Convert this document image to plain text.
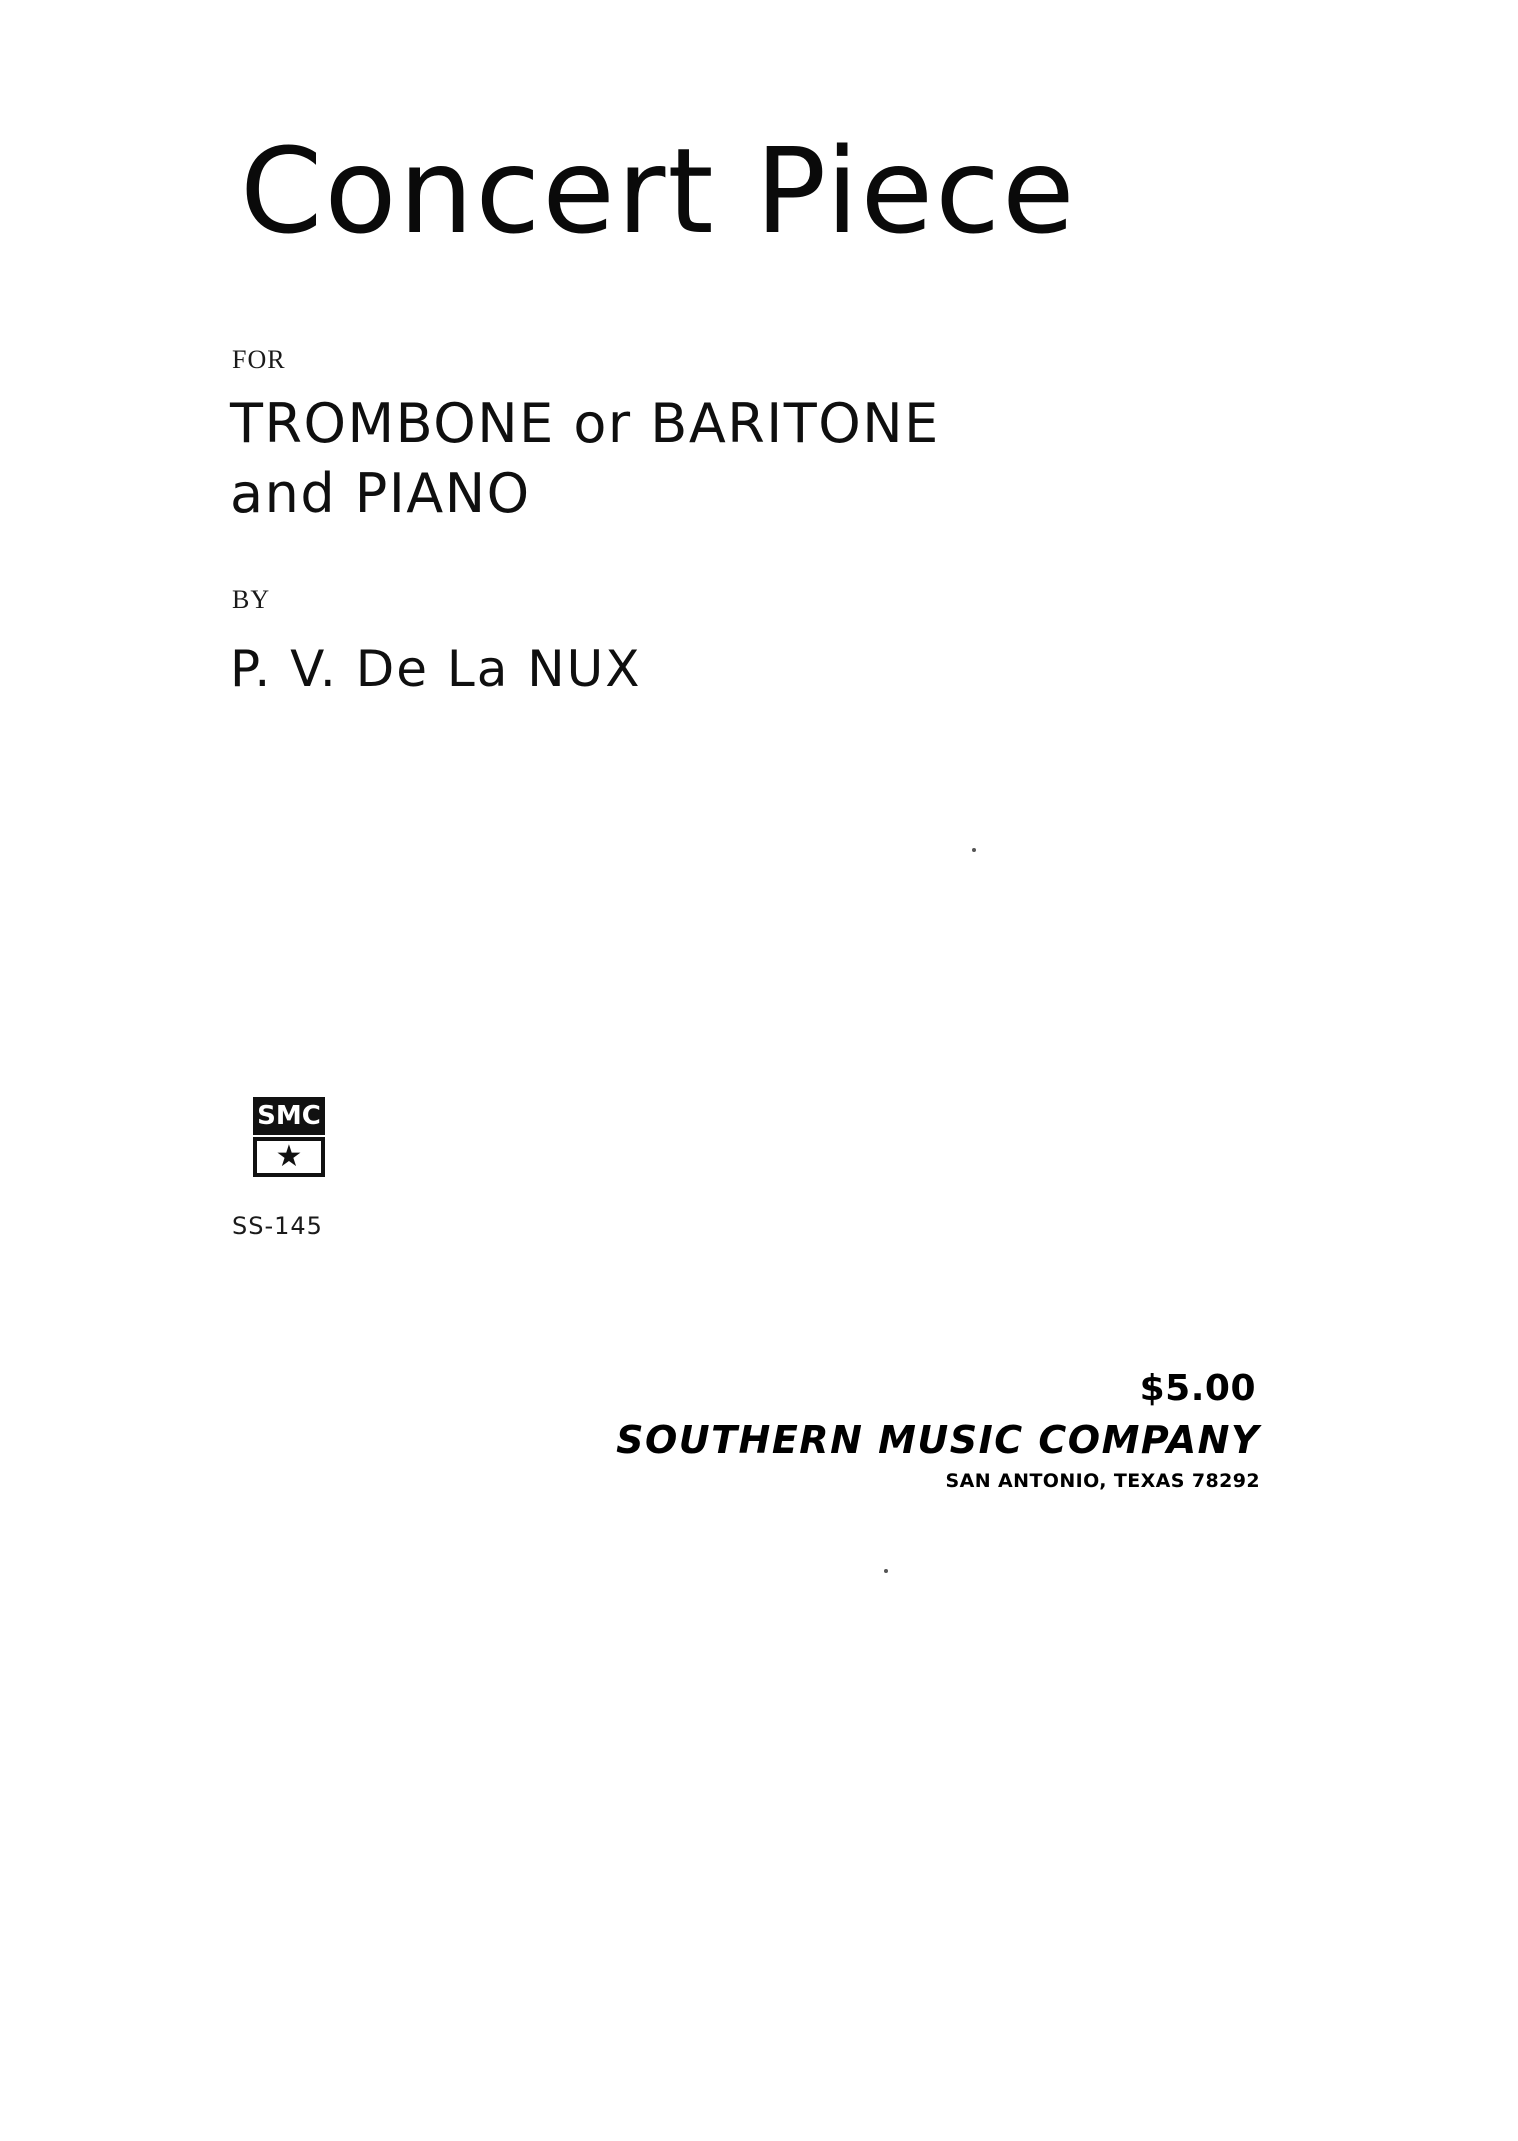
Concert Piece
FOR
TROMBONE or BARITONE
and PIANO
BY
P. V. De La NUX
SMC
★
SS-145
$5.00
SOUTHERN MUSIC COMPANY
SAN ANTONIO, TEXAS 78292
